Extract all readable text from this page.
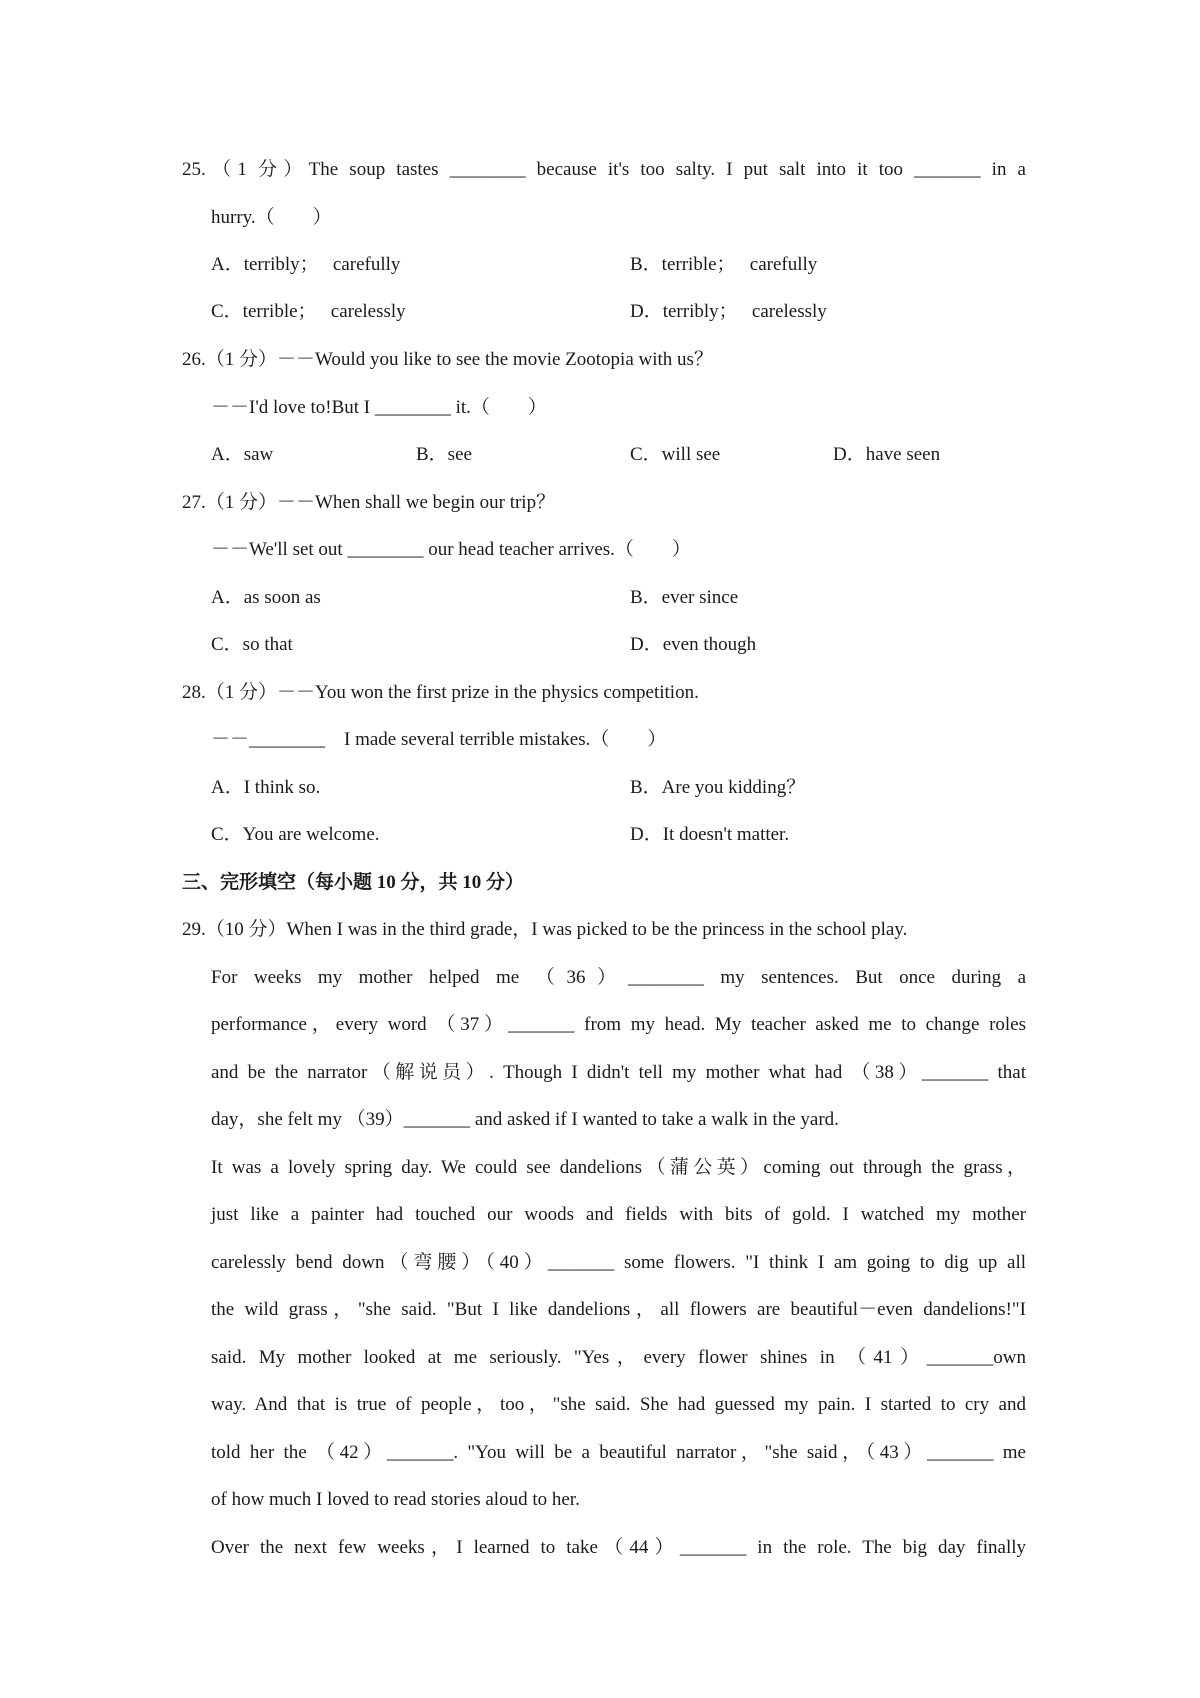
25.（1 分）The soup tastes ________ because it's too salty. I put salt into it too _______ in a
hurry.（        ）
A．terribly；   carefully	B．terrible；   carefully
C．terrible；   carelessly	D．terribly；   carelessly
26.（1 分）－－Would you like to see the movie Zootopia with us？
－－I'd love to!But I ________ it.（        ）
A．saw	B．see	C．will see	D．have seen
27.（1 分）－－When shall we begin our trip？
－－We'll set out ________ our head teacher arrives.（        ）
A．as soon as	B．ever since
C．so that	D．even though
28.（1 分）－－You won the first prize in the physics competition.
－－________    I made several terrible mistakes.（        ）
A．I think so.	B．Are you kidding？
C．You are welcome.	D．It doesn't matter.
三、完形填空（每小题 10 分，共 10 分）
29.（10 分）When I was in the third grade，I was picked to be the princess in the school play.
For weeks my mother helped me （36）________ my sentences. But once during a
performance，every word （37）_______ from my head. My teacher asked me to change roles
and be the narrator（解说员）. Though I didn't tell my mother what had （38）_______ that
day，she felt my （39）_______ and asked if I wanted to take a walk in the yard.
It was a lovely spring day. We could see dandelions（蒲公英）coming out through the grass，
just like a painter had touched our woods and fields with bits of gold. I watched my mother
carelessly bend down（弯腰）（40）_______ some flowers. "I think I am going to dig up all
the wild grass，"she said. "But I like dandelions，all flowers are beautiful－even dandelions!"I
said. My mother looked at me seriously. "Yes，every flower shines in （41）_______own
way. And that is true of people，too，"she said. She had guessed my pain. I started to cry and
told her the （42）_______. "You will be a beautiful narrator，"she said，（43）_______ me
of how much I loved to read stories aloud to her.
Over the next few weeks，I learned to take（44）_______ in the role. The big day finally
